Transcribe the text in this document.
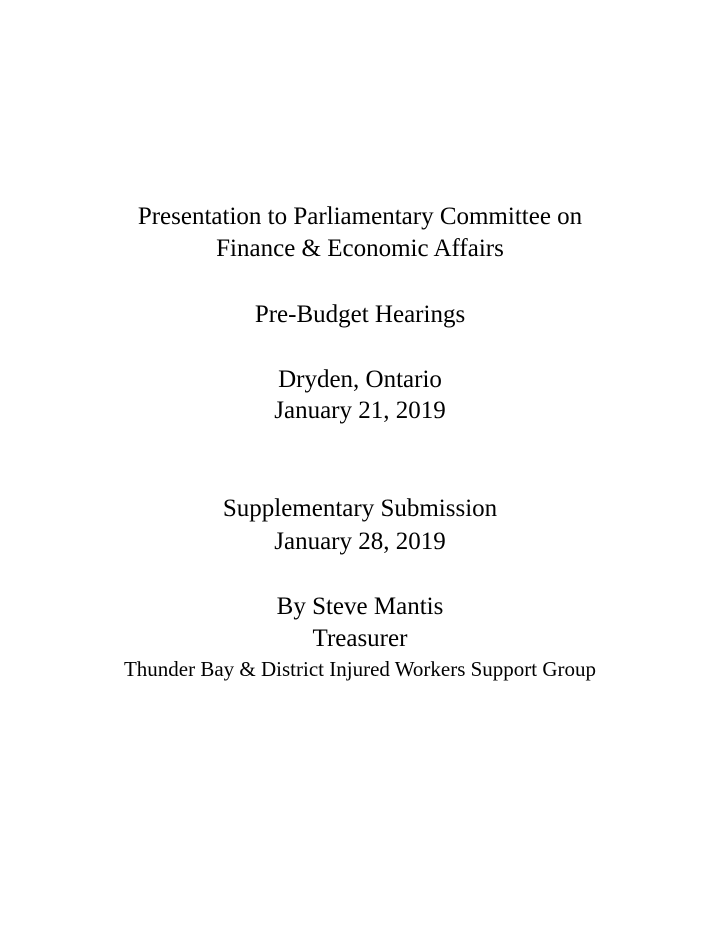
Presentation to Parliamentary Committee on
Finance & Economic Affairs
Pre-Budget Hearings
Dryden, Ontario
January 21, 2019
Supplementary Submission
January 28, 2019
By Steve Mantis
Treasurer
Thunder Bay & District Injured Workers Support Group
